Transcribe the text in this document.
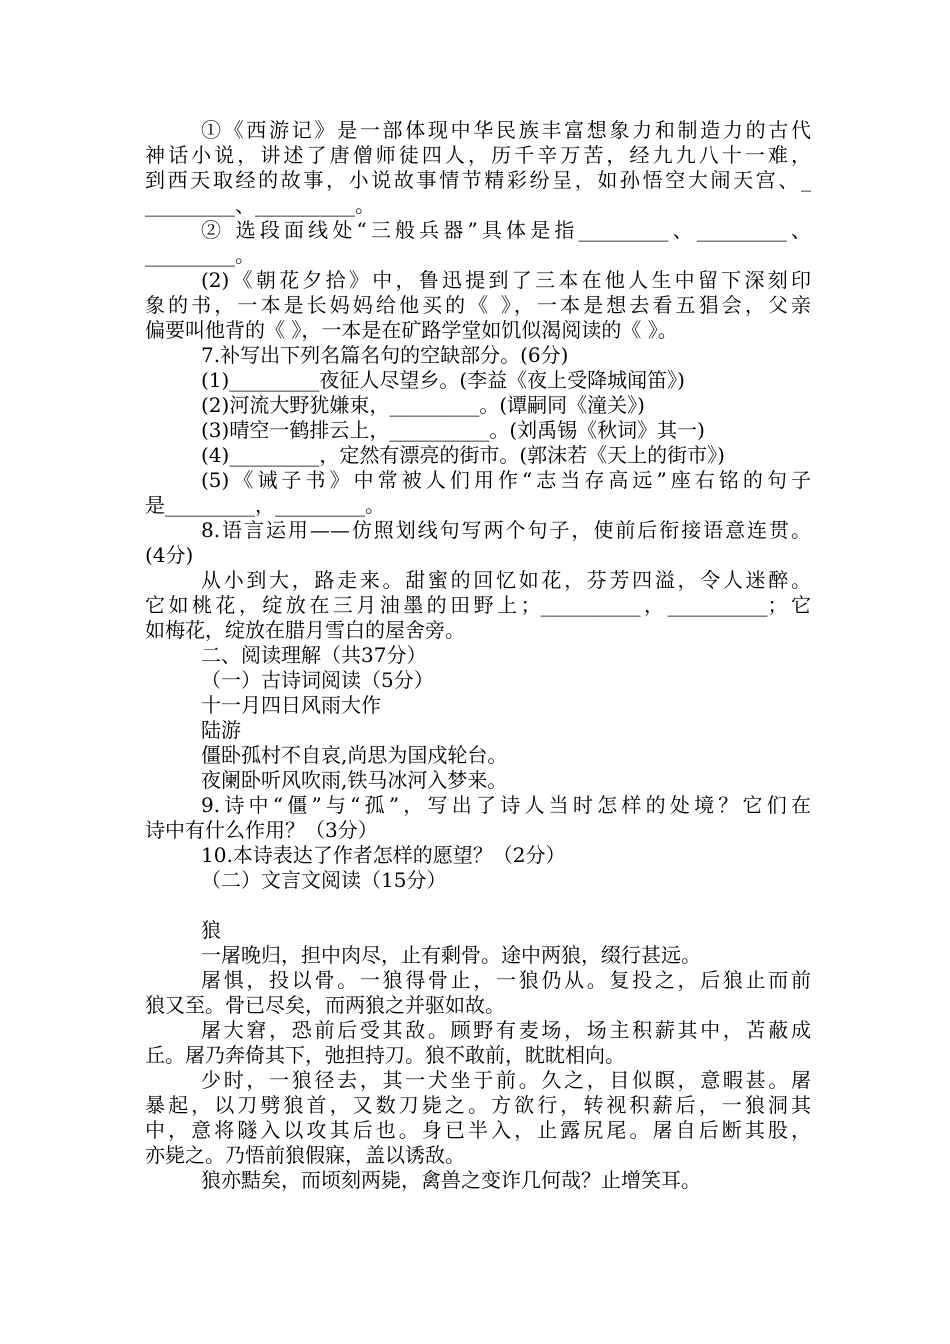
①《西游记》是一部体现中华民族丰富想象力和制造力的古代
神话小说，讲述了唐僧师徒四人，历千辛万苦，经九九八十一难，
到西天取经的故事，小说故事情节精彩纷呈，如孙悟空大闹天宫、_
_________、__________。
② 选段面线处“三般兵器”具体是指_________、_________、
_________。
(2)《朝花夕拾》中，鲁迅提到了三本在他人生中留下深刻印
象的书，一本是长妈妈给他买的《 》，一本是想去看五猖会，父亲
偏要叫他背的《 》，一本是在矿路学堂如饥似渴阅读的《 》。
7.补写出下列名篇名句的空缺部分。(6分)
(1)_________夜征人尽望乡。(李益《夜上受降城闻笛》)
(2)河流大野犹嫌束，_________。(谭嗣同《潼关》)
(3)晴空一鹤排云上，__________。(刘禹锡《秋词》其一)
(4)_________，定然有漂亮的街市。(郭沫若《天上的街市》)
(5)《诫子书》中常被人们用作“志当存高远”座右铭的句子
是_________，_________。
8.语言运用——仿照划线句写两个句子，使前后衔接语意连贯。
(4分)
从小到大，路走来。甜蜜的回忆如花，芬芳四溢，令人迷醉。
它如桃花，绽放在三月油墨的田野上；__________，__________；它
如梅花，绽放在腊月雪白的屋舍旁。
二、阅读理解（共37分）
（一）古诗词阅读（5分）
十一月四日风雨大作
陆游
僵卧孤村不自哀,尚思为国戍轮台。
夜阑卧听风吹雨,铁马冰河入梦来。
9.诗中“僵”与“孤”，写出了诗人当时怎样的处境？它们在
诗中有什么作用？（3分）
10.本诗表达了作者怎样的愿望？（2分）
（二）文言文阅读（15分）
狼
一屠晚归，担中肉尽，止有剩骨。途中两狼，缀行甚远。
屠惧，投以骨。一狼得骨止，一狼仍从。复投之，后狼止而前
狼又至。骨已尽矣，而两狼之并驱如故。
屠大窘，恐前后受其敌。顾野有麦场，场主积薪其中，苫蔽成
丘。屠乃奔倚其下，弛担持刀。狼不敢前，眈眈相向。
少时，一狼径去，其一犬坐于前。久之，目似瞑，意暇甚。屠
暴起，以刀劈狼首，又数刀毙之。方欲行，转视积薪后，一狼洞其
中，意将隧入以攻其后也。身已半入，止露尻尾。屠自后断其股，
亦毙之。乃悟前狼假寐，盖以诱敌。
狼亦黠矣，而顷刻两毙，禽兽之变诈几何哉？止增笑耳。
